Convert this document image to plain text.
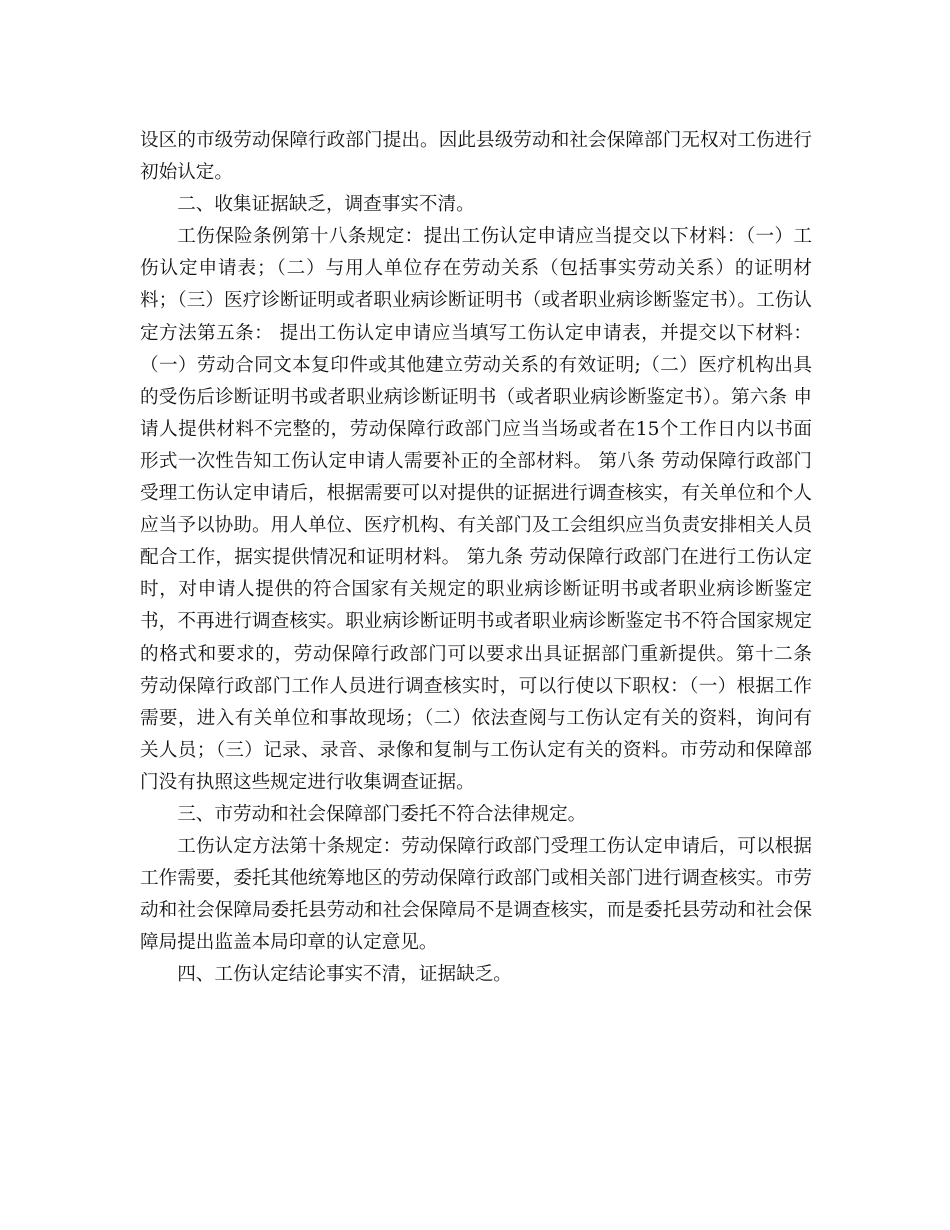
设区的市级劳动保障行政部门提出。因此县级劳动和社会保障部门无权对工伤进行初始认定。

二、收集证据缺乏，调查事实不清。

工伤保险条例第十八条规定：提出工伤认定申请应当提交以下材料：（一）工伤认定申请表；（二）与用人单位存在劳动关系（包括事实劳动关系）的证明材料；（三）医疗诊断证明或者职业病诊断证明书（或者职业病诊断鉴定书）。工伤认定方法第五条： 提出工伤认定申请应当填写工伤认定申请表，并提交以下材料：（一）劳动合同文本复印件或其他建立劳动关系的有效证明;（二）医疗机构出具的受伤后诊断证明书或者职业病诊断证明书（或者职业病诊断鉴定书）。第六条 申请人提供材料不完整的，劳动保障行政部门应当当场或者在15个工作日内以书面形式一次性告知工伤认定申请人需要补正的全部材料。 第八条 劳动保障行政部门受理工伤认定申请后，根据需要可以对提供的证据进行调查核实，有关单位和个人应当予以协助。用人单位、医疗机构、有关部门及工会组织应当负责安排相关人员配合工作，据实提供情况和证明材料。 第九条 劳动保障行政部门在进行工伤认定时，对申请人提供的符合国家有关规定的职业病诊断证明书或者职业病诊断鉴定书，不再进行调查核实。职业病诊断证明书或者职业病诊断鉴定书不符合国家规定的格式和要求的，劳动保障行政部门可以要求出具证据部门重新提供。第十二条 劳动保障行政部门工作人员进行调查核实时，可以行使以下职权：（一）根据工作需要，进入有关单位和事故现场；（二）依法查阅与工伤认定有关的资料，询问有关人员；（三）记录、录音、录像和复制与工伤认定有关的资料。市劳动和保障部门没有执照这些规定进行收集调查证据。

三、市劳动和社会保障部门委托不符合法律规定。

工伤认定方法第十条规定：劳动保障行政部门受理工伤认定申请后，可以根据工作需要，委托其他统筹地区的劳动保障行政部门或相关部门进行调查核实。市劳动和社会保障局委托县劳动和社会保障局不是调查核实，而是委托县劳动和社会保障局提出监盖本局印章的认定意见。

四、工伤认定结论事实不清，证据缺乏。
